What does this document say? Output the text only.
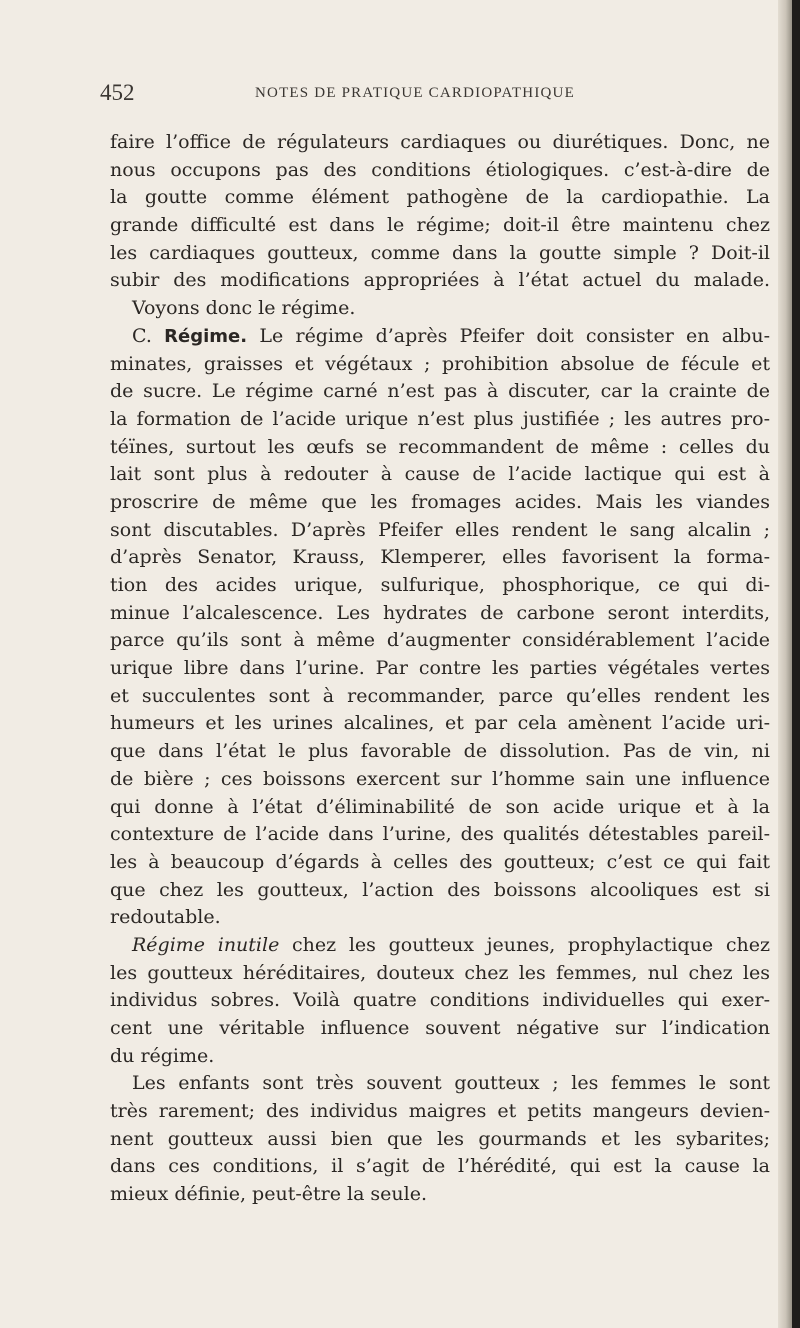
452	NOTES DE PRATIQUE CARDIOPATHIQUE
faire l’office de régulateurs cardiaques ou diurétiques. Donc, ne
nous occupons pas des conditions étiologiques. c’est-à-dire de
la goutte comme élément pathogène de la cardiopathie. La
grande difficulté est dans le régime; doit-il être maintenu chez
les cardiaques goutteux, comme dans la goutte simple ? Doit-il
subir des modifications appropriées à l’état actuel du malade.
Voyons donc le régime.
C. Régime. Le régime d’après Pfeifer doit consister en albu-
minates, graisses et végétaux ; prohibition absolue de fécule et
de sucre. Le régime carné n’est pas à discuter, car la crainte de
la formation de l’acide urique n’est plus justifiée ; les autres pro-
téïnes, surtout les œufs se recommandent de même : celles du
lait sont plus à redouter à cause de l’acide lactique qui est à
proscrire de même que les fromages acides. Mais les viandes
sont discutables. D’après Pfeifer elles rendent le sang alcalin ;
d’après Senator, Krauss, Klemperer, elles favorisent la forma-
tion des acides urique, sulfurique, phosphorique, ce qui di-
minue l’alcalescence. Les hydrates de carbone seront interdits,
parce qu’ils sont à même d’augmenter considérablement l’acide
urique libre dans l’urine. Par contre les parties végétales vertes
et succulentes sont à recommander, parce qu’elles rendent les
humeurs et les urines alcalines, et par cela amènent l’acide uri-
que dans l’état le plus favorable de dissolution. Pas de vin, ni
de bière ; ces boissons exercent sur l’homme sain une influence
qui donne à l’état d’éliminabilité de son acide urique et à la
contexture de l’acide dans l’urine, des qualités détestables pareil-
les à beaucoup d’égards à celles des goutteux; c’est ce qui fait
que chez les goutteux, l’action des boissons alcooliques est si
redoutable.
Régime inutile chez les goutteux jeunes, prophylactique chez
les goutteux héréditaires, douteux chez les femmes, nul chez les
individus sobres. Voilà quatre conditions individuelles qui exer-
cent une véritable influence souvent négative sur l’indication
du régime.
Les enfants sont très souvent goutteux ; les femmes le sont
très rarement; des individus maigres et petits mangeurs devien-
nent goutteux aussi bien que les gourmands et les sybarites;
dans ces conditions, il s’agit de l’hérédité, qui est la cause la
mieux définie, peut-être la seule.
